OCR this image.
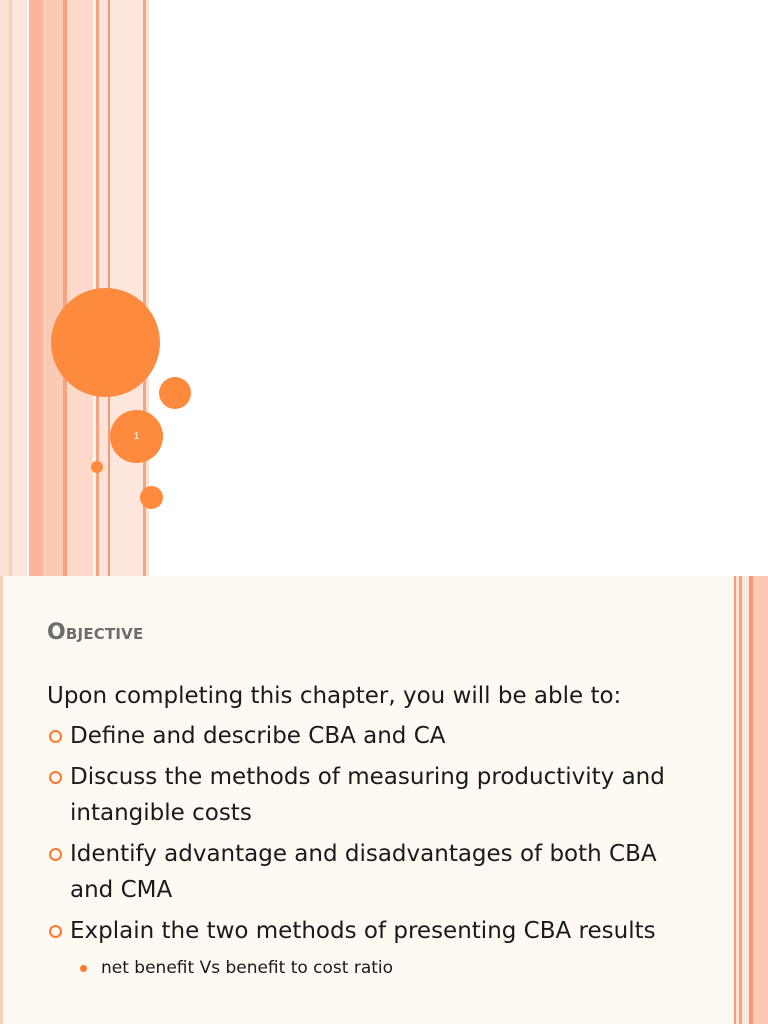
1
Objective
Upon completing this chapter, you will be able to:
Define and describe CBA and CA
Discuss the methods of measuring productivity and intangible costs
Identify advantage and disadvantages of both CBA and CMA
Explain the two methods of presenting CBA results
net benefit Vs benefit to cost ratio
